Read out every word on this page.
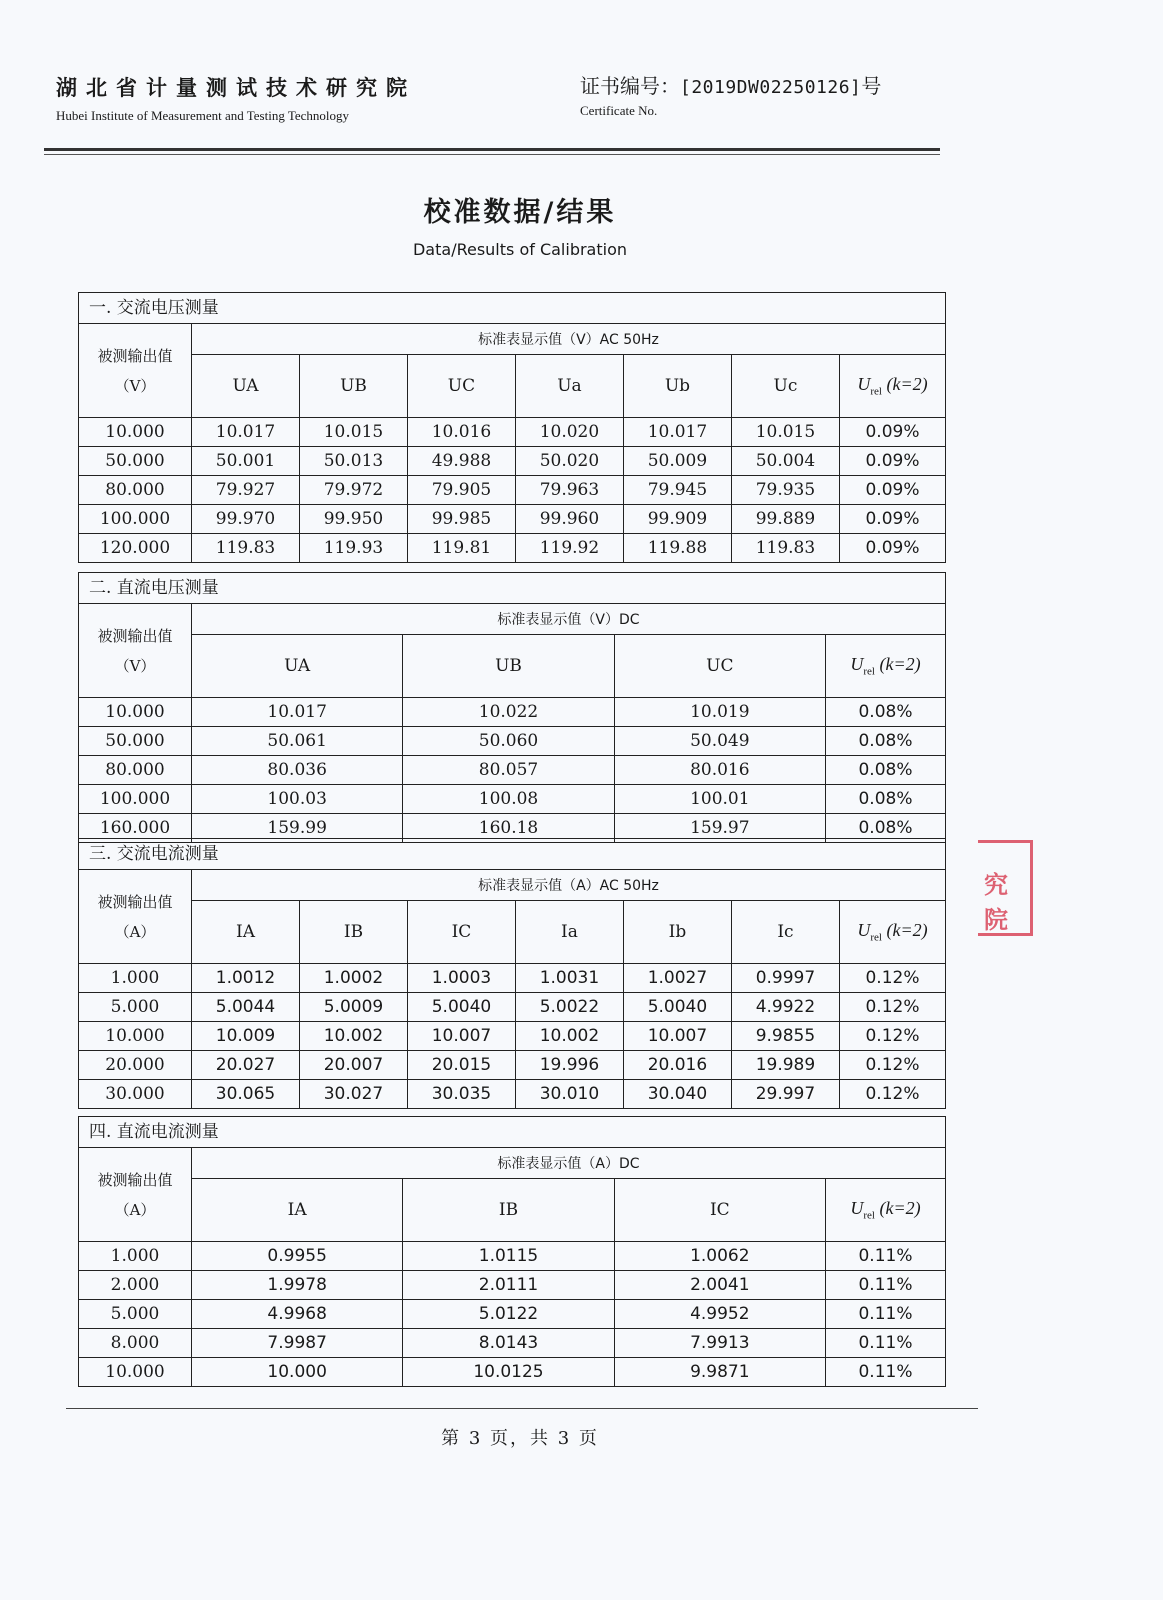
湖北省计量测试技术研究院
Hubei Institute of Measurement and Testing Technology
证书编号：[2019DW02250126]号
Certificate No.
校准数据/结果
Data/Results of Calibration
一. 交流电压测量
被测输出值
（V）	标准表显示值（V）AC 50Hz						
	UA	UB	UC	Ua	Ub	Uc	$U_{rel}$ (k=2)
10.000	10.017	10.015	10.016	10.020	10.017	10.015	0.09%
50.000	50.001	50.013	49.988	50.020	50.009	50.004	0.09%
80.000	79.927	79.972	79.905	79.963	79.945	79.935	0.09%
100.000	99.970	99.950	99.985	99.960	99.909	99.889	0.09%
120.000	119.83	119.93	119.81	119.92	119.88	119.83	0.09%
二. 直流电压测量
被测输出值
（V）	标准表显示值（V）DC			
	UA	UB	UC	$U_{rel}$ (k=2)
10.000	10.017	10.022	10.019	0.08%
50.000	50.061	50.060	50.049	0.08%
80.000	80.036	80.057	80.016	0.08%
100.000	100.03	100.08	100.01	0.08%
160.000	159.99	160.18	159.97	0.08%
三. 交流电流测量
被测输出值
（A）	标准表显示值（A）AC 50Hz						
	IA	IB	IC	Ia	Ib	Ic	$U_{rel}$ (k=2)
1.000	1.0012	1.0002	1.0003	1.0031	1.0027	0.9997	0.12%
5.000	5.0044	5.0009	5.0040	5.0022	5.0040	4.9922	0.12%
10.000	10.009	10.002	10.007	10.002	10.007	9.9855	0.12%
20.000	20.027	20.007	20.015	19.996	20.016	19.989	0.12%
30.000	30.065	30.027	30.035	30.010	30.040	29.997	0.12%
四. 直流电流测量
被测输出值
（A）	标准表显示值（A）DC			
	IA	IB	IC	$U_{rel}$ (k=2)
1.000	0.9955	1.0115	1.0062	0.11%
2.000	1.9978	2.0111	2.0041	0.11%
5.000	4.9968	5.0122	4.9952	0.11%
8.000	7.9987	8.0143	7.9913	0.11%
10.000	10.000	10.0125	9.9871	0.11%
究院
第 3 页，共 3 页
